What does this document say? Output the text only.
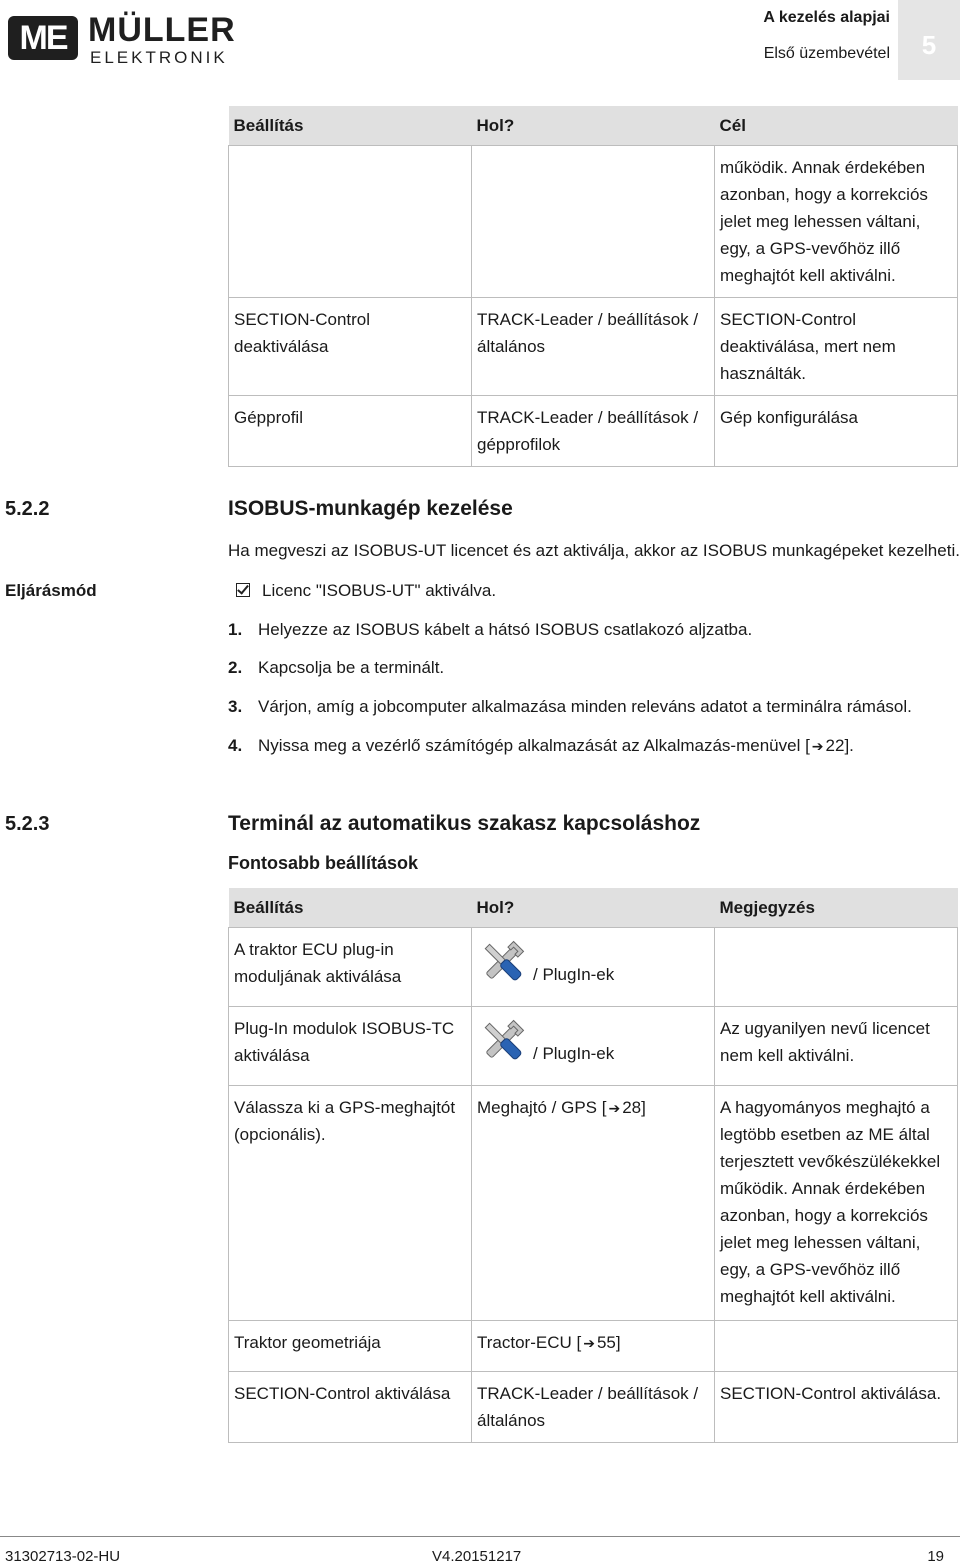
ME MÜLLER
ELEKTRONIK
A kezelés alapjai
Első üzembevétel	5
Beállítás	Hol?	Cél
		működik. Annak érdekében azonban, hogy a korrekciós jelet meg lehessen váltani, egy, a GPS-vevőhöz illő meghajtót kell aktiválni.
SECTION-Control deaktiválása	TRACK-Leader / beállítások / általános	SECTION-Control deaktiválása, mert nem használták.
Gépprofil	TRACK-Leader / beállítások / gépprofilok	Gép konfigurálása
5.2.2	ISOBUS-munkagép kezelése
Ha megveszi az ISOBUS-UT licencet és azt aktiválja, akkor az ISOBUS munkagépeket kezelheti.
Eljárásmód	Licenc "ISOBUS-UT" aktiválva.
1. Helyezze az ISOBUS kábelt a hátsó ISOBUS csatlakozó aljzatba.
2. Kapcsolja be a terminált.
3. Várjon, amíg a jobcomputer alkalmazása minden releváns adatot a terminálra rámásol.
4. Nyissa meg a vezérlő számítógép alkalmazását az Alkalmazás-menüvel [ ➔ 22].
5.2.3	Terminál az automatikus szakasz kapcsoláshoz
Fontosabb beállítások
Beállítás	Hol?	Megjegyzés
A traktor ECU plug-in moduljának aktiválása	/ PlugIn-ek	
Plug-In modulok ISOBUS-TC aktiválása	/ PlugIn-ek	Az ugyanilyen nevű licencet nem kell aktiválni.
Válassza ki a GPS-meghajtót (opcionális).	Meghajtó / GPS [ ➔ 28]	A hagyományos meghajtó a legtöbb esetben az ME által terjesztett vevőkészülékekkel működik. Annak érdekében azonban, hogy a korrekciós jelet meg lehessen váltani, egy, a GPS-vevőhöz illő meghajtót kell aktiválni.
Traktor geometriája	Tractor-ECU [ ➔ 55]	
SECTION-Control aktiválása	TRACK-Leader / beállítások / általános	SECTION-Control aktiválása.
31302713-02-HU	V4.20151217	19
